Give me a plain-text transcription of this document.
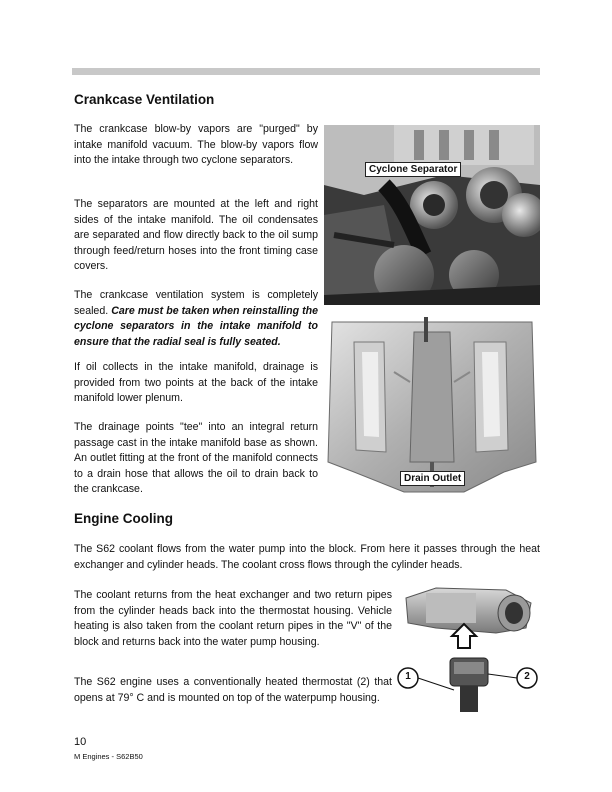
Crankcase Ventilation
The crankcase blow-by vapors are "purged" by intake manifold vacuum. The blow-by vapors flow into the intake through two cyclone separators.
The separators are mounted at the left and right sides of the intake manifold. The oil condensates are separated and flow directly back to the oil sump through feed/return hoses into the front timing case covers.
The crankcase ventilation system is completely sealed. Care must be taken when reinstalling the cyclone separators in the intake manifold to ensure that the radial seal is fully seated.
If oil collects in the intake manifold, drainage is provided from two points at the back of the intake manifold lower plenum.
The drainage points "tee" into an integral return passage cast in the intake manifold base as shown. An outlet fitting at the front of the manifold connects to a drain hose that allows the oil to drain back to the crankcase.
Cyclone Separator
Drain Outlet
Engine Cooling
The S62 coolant flows from the water pump into the block. From here it passes through the heat exchanger and cylinder heads. The coolant cross flows through the cylinder heads.
The coolant returns from the heat exchanger and two return pipes from the cylinder heads back into the thermostat housing. Vehicle heating is also taken from the coolant return pipes in the "V" of the block and returns back into the water pump housing.
The S62 engine uses a conventionally heated thermostat (2) that opens at 79° C and is mounted on top of the waterpump housing.
1	2
10
M Engines - S62B50
